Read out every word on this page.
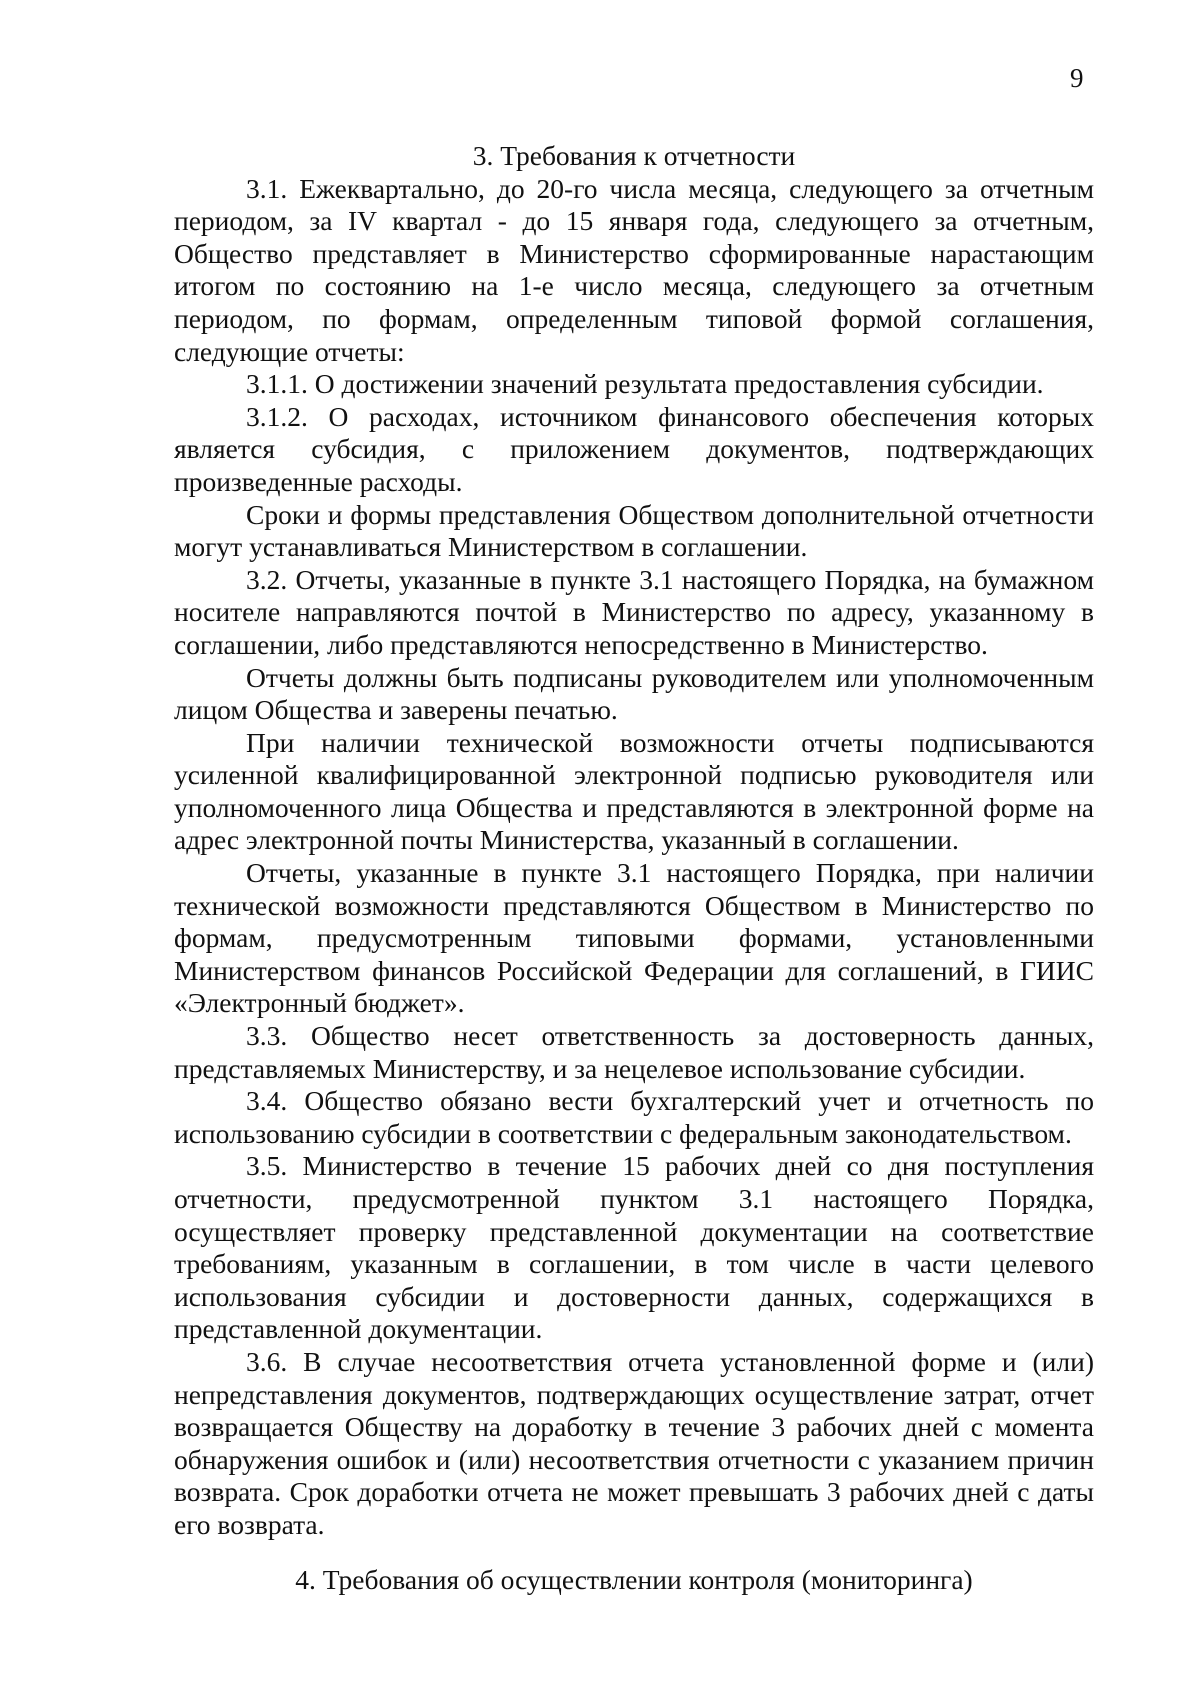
9

3. Требования к отчетности

3.1. Ежеквартально, до 20-го числа месяца, следующего за отчетным периодом, за IV квартал - до 15 января года, следующего за отчетным, Общество представляет в Министерство сформированные нарастающим итогом по состоянию на 1-е число месяца, следующего за отчетным периодом, по формам, определенным типовой формой соглашения, следующие отчеты:

3.1.1. О достижении значений результата предоставления субсидии.

3.1.2. О расходах, источником финансового обеспечения которых является субсидия, с приложением документов, подтверждающих произведенные расходы.

Сроки и формы представления Обществом дополнительной отчетности могут устанавливаться Министерством в соглашении.

3.2. Отчеты, указанные в пункте 3.1 настоящего Порядка, на бумажном носителе направляются почтой в Министерство по адресу, указанному в соглашении, либо представляются непосредственно в Министерство.

Отчеты должны быть подписаны руководителем или уполномоченным лицом Общества и заверены печатью.

При наличии технической возможности отчеты подписываются усиленной квалифицированной электронной подписью руководителя или уполномоченного лица Общества и представляются в электронной форме на адрес электронной почты Министерства, указанный в соглашении.

Отчеты, указанные в пункте 3.1 настоящего Порядка, при наличии технической возможности представляются Обществом в Министерство по формам, предусмотренным типовыми формами, установленными Министерством финансов Российской Федерации для соглашений, в ГИИС «Электронный бюджет».

3.3. Общество несет ответственность за достоверность данных, представляемых Министерству, и за нецелевое использование субсидии.

3.4. Общество обязано вести бухгалтерский учет и отчетность по использованию субсидии в соответствии с федеральным законодательством.

3.5. Министерство в течение 15 рабочих дней со дня поступления отчетности, предусмотренной пунктом 3.1 настоящего Порядка, осуществляет проверку представленной документации на соответствие требованиям, указанным в соглашении, в том числе в части целевого использования субсидии и достоверности данных, содержащихся в представленной документации.

3.6. В случае несоответствия отчета установленной форме и (или) непредставления документов, подтверждающих осуществление затрат, отчет возвращается Обществу на доработку в течение 3 рабочих дней с момента обнаружения ошибок и (или) несоответствия отчетности с указанием причин возврата. Срок доработки отчета не может превышать 3 рабочих дней с даты его возврата.

4. Требования об осуществлении контроля (мониторинга)
